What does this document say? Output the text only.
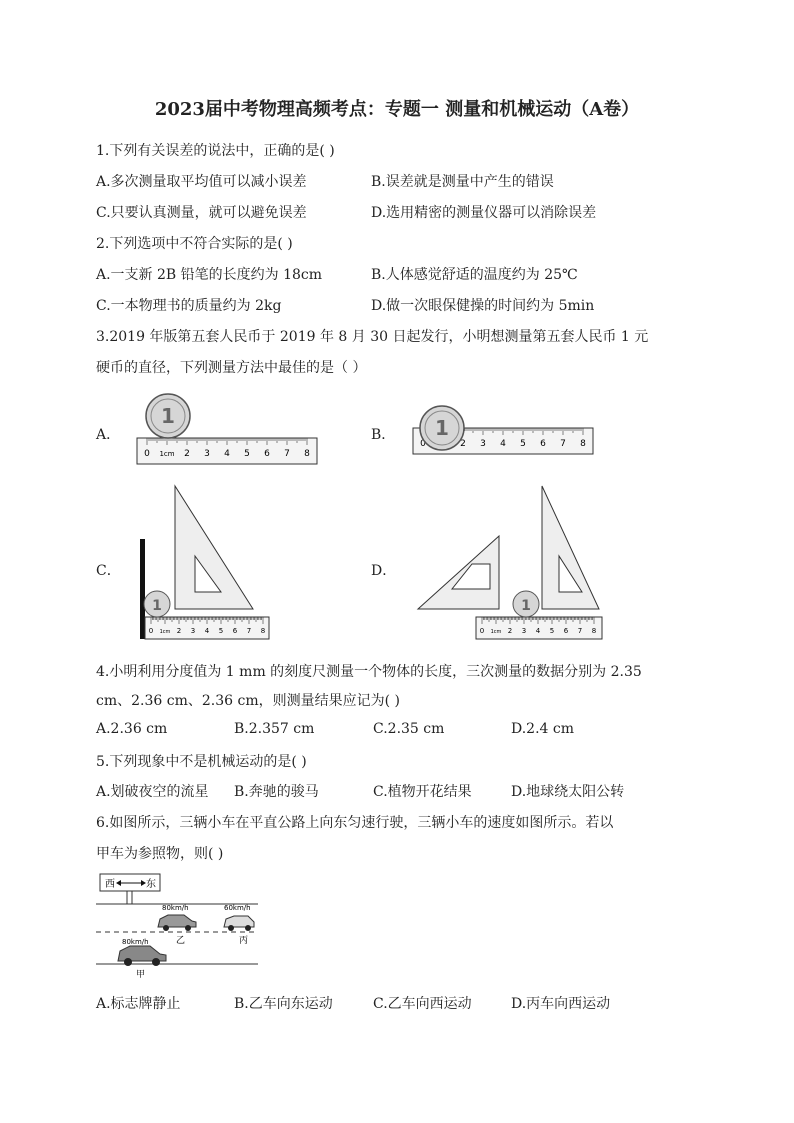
2023届中考物理高频考点：专题一 测量和机械运动（A卷）
1.下列有关误差的说法中，正确的是( )
A.多次测量取平均值可以减小误差	B.误差就是测量中产生的错误
C.只要认真测量，就可以避免误差	D.选用精密的测量仪器可以消除误差
2.下列选项中不符合实际的是( )
A.一支新 2B 铅笔的长度约为 18cm	B.人体感觉舒适的温度约为 25℃
C.一本物理书的质量约为 2kg	D.做一次眼保健操的时间约为 5min
3.2019 年版第五套人民币于 2019 年 8 月 30 日起发行，小明想测量第五套人民币 1 元
硬币的直径，下列测量方法中最佳的是（ ）
A．	B．
C．	D．
0 1cm 2 3 4 5 6 7 8
1
0	2 3 4 5 6 7 8
1
0 1cm 2 3 4 5 6 7 8
1
0 1cm 2 3 4 5 6 7 8
1
4.小明利用分度值为 1 mm 的刻度尺测量一个物体的长度，三次测量的数据分别为 2.35
cm、2.36 cm、2.36 cm，则测量结果应记为( )
A.2.36 cm	B.2.357 cm	C.2.35 cm	D.2.4 cm
5.下列现象中不是机械运动的是( )
A.划破夜空的流星 B.奔驰的骏马	C.植物开花结果	D.地球绕太阳公转
6.如图所示，三辆小车在平直公路上向东匀速行驶，三辆小车的速度如图所示。若以
甲车为参照物，则( )
西	东
80km/h
乙
60km/h
丙
80km/h
甲
A.标志牌静止	B.乙车向东运动	C.乙车向西运动	D.丙车向西运动
